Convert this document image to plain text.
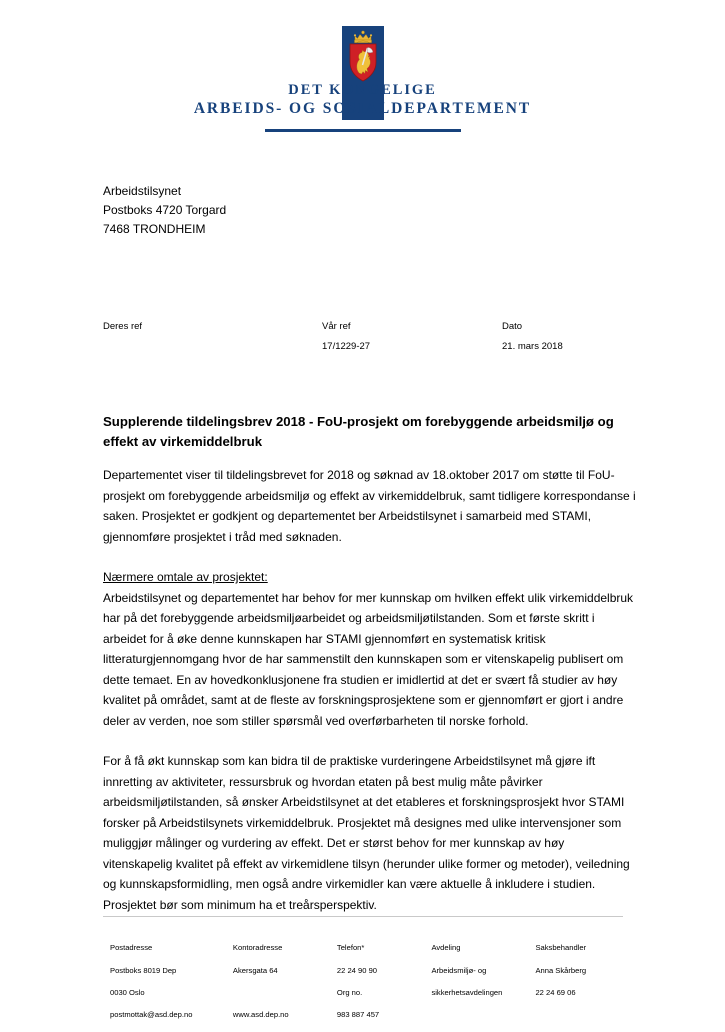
DET KONGELIGE
ARBEIDS- OG SOSIALDEPARTEMENT
Arbeidstilsynet
Postboks 4720 Torgard
7468 TRONDHEIM
Deres ref	Vår ref
17/1229-27
Dato
21. mars 2018
Supplerende tildelingsbrev 2018 - FoU-prosjekt om forebyggende arbeidsmiljø og effekt av virkemiddelbruk

Departementet viser til tildelingsbrevet for 2018 og søknad av 18.oktober 2017 om støtte til FoU-prosjekt om forebyggende arbeidsmiljø og effekt av virkemiddelbruk, samt tidligere korrespondanse i saken. Prosjektet er godkjent og departementet ber Arbeidstilsynet i samarbeid med STAMI, gjennomføre prosjektet i tråd med søknaden.

Nærmere omtale av prosjektet:

Arbeidstilsynet og departementet har behov for mer kunnskap om hvilken effekt ulik virkemiddelbruk har på det forebyggende arbeidsmiljøarbeidet og arbeidsmiljøtilstanden. Som et første skritt i arbeidet for å øke denne kunnskapen har STAMI gjennomført en systematisk kritisk litteraturgjennomgang hvor de har sammenstilt den kunnskapen som er vitenskapelig publisert om dette temaet. En av hovedkonklusjonene fra studien er imidlertid at det er svært få studier av høy kvalitet på området, samt at de fleste av forskningsprosjektene som er gjennomført er gjort i andre deler av verden, noe som stiller spørsmål ved overførbarheten til norske forhold.

For å få økt kunnskap som kan bidra til de praktiske vurderingene Arbeidstilsynet må gjøre ift innretting av aktiviteter, ressursbruk og hvordan etaten på best mulig måte påvirker arbeidsmiljøtilstanden, så ønsker Arbeidstilsynet at det etableres et forskningsprosjekt hvor STAMI forsker på Arbeidstilsynets virkemiddelbruk. Prosjektet må designes med ulike intervensjoner som muliggjør målinger og vurdering av effekt. Det er størst behov for mer kunnskap av høy vitenskapelig kvalitet på effekt av virkemidlene tilsyn (herunder ulike former og metoder), veiledning og kunnskapsformidling, men også andre virkemidler kan være aktuelle å inkludere i studien. Prosjektet bør som minimum ha et treårsperspektiv.

Postadresse

Postboks 8019 Dep

0030 Oslo

postmottak@asd.dep.no

Kontoradresse

Akersgata 64

www.asd.dep.no

Telefon*

22 24 90 90

Org no.

983 887 457

Avdeling

Arbeidsmiljø- og

sikkerhetsavdelingen

Saksbehandler

Anna Skårberg

22 24 69 06
